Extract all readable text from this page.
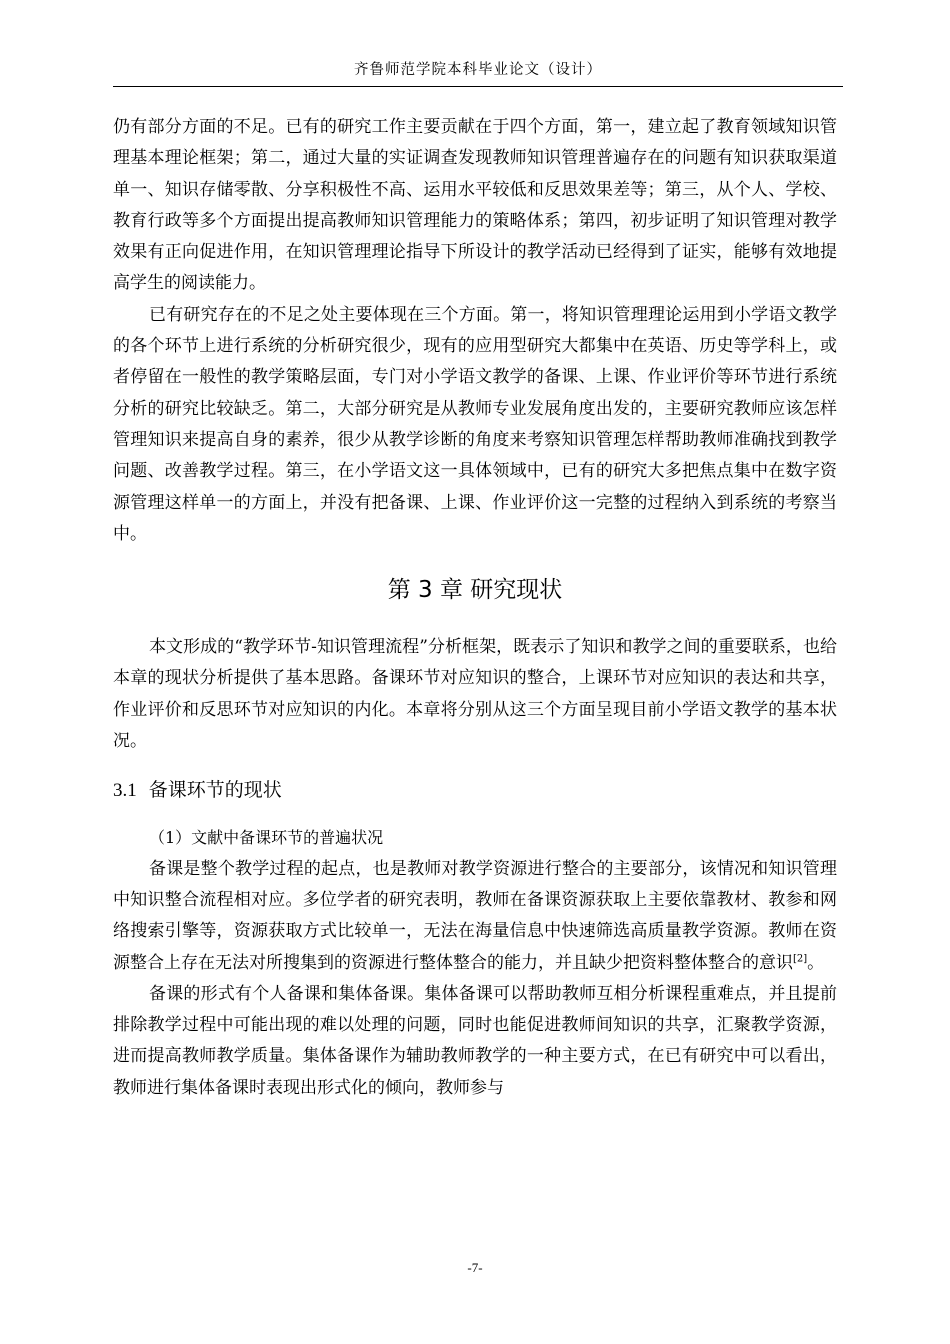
齐鲁师范学院本科毕业论文（设计）

仍有部分方面的不足。已有的研究工作主要贡献在于四个方面，第一，建立起了教育领域知识管理基本理论框架；第二，通过大量的实证调查发现教师知识管理普遍存在的问题有知识获取渠道单一、知识存储零散、分享积极性不高、运用水平较低和反思效果差等；第三，从个人、学校、教育行政等多个方面提出提高教师知识管理能力的策略体系；第四，初步证明了知识管理对教学效果有正向促进作用，在知识管理理论指导下所设计的教学活动已经得到了证实，能够有效地提高学生的阅读能力。

已有研究存在的不足之处主要体现在三个方面。第一，将知识管理理论运用到小学语文教学的各个环节上进行系统的分析研究很少，现有的应用型研究大都集中在英语、历史等学科上，或者停留在一般性的教学策略层面，专门对小学语文教学的备课、上课、作业评价等环节进行系统分析的研究比较缺乏。第二，大部分研究是从教师专业发展角度出发的，主要研究教师应该怎样管理知识来提高自身的素养，很少从教学诊断的角度来考察知识管理怎样帮助教师准确找到教学问题、改善教学过程。第三，在小学语文这一具体领域中，已有的研究大多把焦点集中在数字资源管理这样单一的方面上，并没有把备课、上课、作业评价这一完整的过程纳入到系统的考察当中。

第 3 章 研究现状

本文形成的“教学环节-知识管理流程”分析框架，既表示了知识和教学之间的重要联系，也给本章的现状分析提供了基本思路。备课环节对应知识的整合，上课环节对应知识的表达和共享，作业评价和反思环节对应知识的内化。本章将分别从这三个方面呈现目前小学语文教学的基本状况。

3.1 备课环节的现状

（1）文献中备课环节的普遍状况

备课是整个教学过程的起点，也是教师对教学资源进行整合的主要部分，该情况和知识管理中知识整合流程相对应。多位学者的研究表明，教师在备课资源获取上主要依靠教材、教参和网络搜索引擎等，资源获取方式比较单一，无法在海量信息中快速筛选高质量教学资源。教师在资源整合上存在无法对所搜集到的资源进行整体整合的能力，并且缺少把资料整体整合的意识[2]。

备课的形式有个人备课和集体备课。集体备课可以帮助教师互相分析课程重难点，并且提前排除教学过程中可能出现的难以处理的问题，同时也能促进教师间知识的共享，汇聚教学资源，进而提高教师教学质量。集体备课作为辅助教师教学的一种主要方式，在已有研究中可以看出，教师进行集体备课时表现出形式化的倾向，教师参与

-7-
